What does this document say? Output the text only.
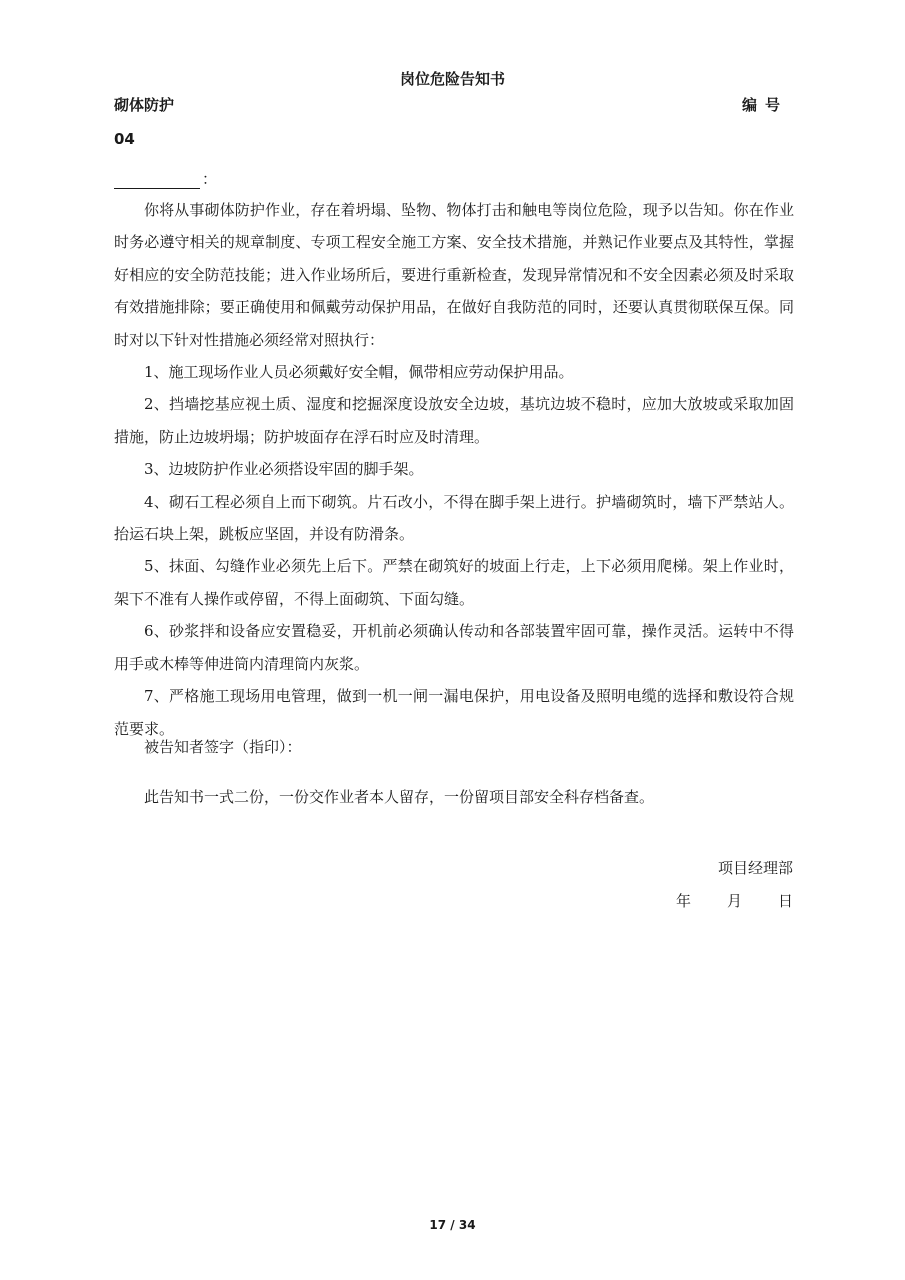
岗位危险告知书
砌体防护	编号
04
：

你将从事砌体防护作业，存在着坍塌、坠物、物体打击和触电等岗位危险，现予以告知。你在作业时务必遵守相关的规章制度、专项工程安全施工方案、安全技术措施，并熟记作业要点及其特性，掌握好相应的安全防范技能；进入作业场所后，要进行重新检查，发现异常情况和不安全因素必须及时采取有效措施排除；要正确使用和佩戴劳动保护用品，在做好自我防范的同时，还要认真贯彻联保互保。同时对以下针对性措施必须经常对照执行：

1、施工现场作业人员必须戴好安全帽，佩带相应劳动保护用品。

2、挡墙挖基应视土质、湿度和挖掘深度设放安全边坡，基坑边坡不稳时，应加大放坡或采取加固措施，防止边坡坍塌；防护坡面存在浮石时应及时清理。

3、边坡防护作业必须搭设牢固的脚手架。

4、砌石工程必须自上而下砌筑。片石改小，不得在脚手架上进行。护墙砌筑时，墙下严禁站人。抬运石块上架，跳板应坚固，并设有防滑条。

5、抹面、勾缝作业必须先上后下。严禁在砌筑好的坡面上行走，上下必须用爬梯。架上作业时，架下不准有人操作或停留，不得上面砌筑、下面勾缝。

6、砂浆拌和设备应安置稳妥，开机前必须确认传动和各部装置牢固可靠，操作灵活。运转中不得用手或木棒等伸进筒内清理筒内灰浆。

7、严格施工现场用电管理，做到一机一闸一漏电保护，用电设备及照明电缆的选择和敷设符合规范要求。

被告知者签字（指印）：
此告知书一式二份，一份交作业者本人留存，一份留项目部安全科存档备查。
项目经理部
年 月 日
17 / 34
